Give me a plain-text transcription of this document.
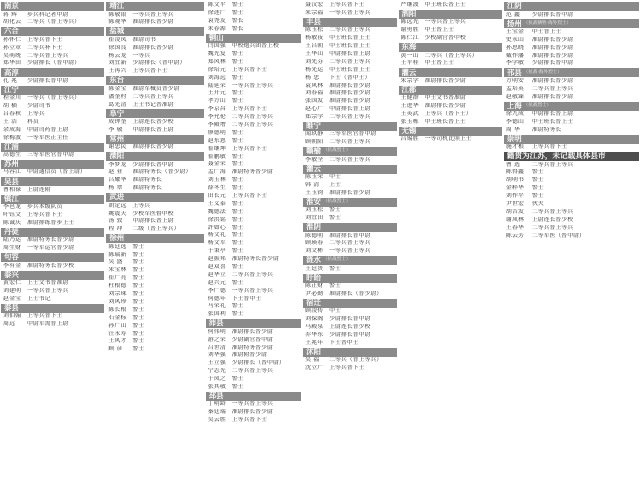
南京
蒋 辉	步兵科记者中尉
胡化云 二等兵（普上等兵）
六合
孙怀仁 上等兵普下士
孙立章 二等兵补下士
吴萌统 二等兵普上等兵
郑华田 少尉排长（普中尉）
高淳
孔 兆	少尉排长普中尉
江宁
程金川 一等兵（普上等兵）
胡 横	少尉司书
吕春秋 上等兵
王 洁	科员
余成海 中尉司药普上尉
徐梅波 一等军医正主任
江浦
高德生 三等军医官普中尉
苏州
马容江 中尉通信员（普上尉）
吴县
曹相禄 上尉连附
镇江
李邑龙 步兵本级队员
叶钰文 上等兵普下士
陈诚庆 准尉排练普步上士
丹徒
陆乃运 准尉特务长普少尉
周生财 一等军运官普少尉
句容
李有金 准尉特务长普少校
泰兴
黄宏仁 上士文书普准尉
刘建明 一等兵普上等兵
赵金宝 上士书记
泰县
刘伯翰 上等兵普下士
周远	中尉军需普上尉
靖江
陈敬银 一等兵普上等兵
陈观华 准尉排长普少尉
盐城
崔凌凤 准尉司书
徐国良 准尉排长普少尉
杨云龙 一等兵
刘宜新 少尉排长（普中尉）
王再兴 上等兵普下士
东台
陈金宝 准尉军械员普少尉
潘奎村 二等兵普上等兵
葛光清 上士书记普准尉
阜宁
成钟奎 上尉连长普少校
李 敬	中尉排长普上尉
常州
谢忠民 准尉排长普少尉
溧阳
李梦龙 少尉排长普中尉
赵 亚	准尉特务长（普少尉）
吕耀华 准尉特务长
杨 翠	准尉特务长
武进
胡定远 上等兵
姚震天 少校军医督中校
汤 敦	中尉排长普上尉
程 冲	二级（普上等兵）
徐州
陈廷选 警士
陈瑞新 警士
吴 盛	警士
朱宝林 警士
崔广亮 警士
杜根德 警士
刘宗珠 警士
刘风珍 警士
陈长根 警士
石金标 警士
孙广山 警士
汪永寿 警士
王风才 警士
顾 彦	警士
陈文平 警士
徐述广 警士
袁尧友 警长
朱春源 警长
铜山
闫国强 中校炮兵团普上校
魏光复 警士
郑风林 警士
徐培元 上等兵普下士
刘海远 警士
陆延荣 一等兵普上等兵
王开元 警士
孝方山 警士
李京昌 上等兵普下士
李允伦 二等兵普上等兵
李殿增 二等兵普上等兵
廖德明 警士
赵东恩 警士
崔继坤 上等兵普下士
崔鹏敏 警士
聂金荣 警士
孟广海 准尉特务普少尉
刘玉林 警士
薛冬生 警士
田长元 上等兵普下士
王义泰 警士
魏德法 警士
徐洪铭 警士
許如心 警士
杨文礼 警士
杨文军 警士
于秉亭 警士
赵振邦 准尉特务长普少尉
赵双喜 警士
赵华立 二等兵普上等兵
赵兴元 警士
李广德 一等兵普上等兵
何德年 下士普中士
马荣礼 警士
张国利 警士
沛县
何伟明 准尉排长普少尉
游之荣 少尉副官普中尉
吕世清 准尉特务普少尉
刘华强 准尉附普少尉
王立强 少尉排长（普中尉）
宁志光 二等兵普上等兵
于凤之 警士
张其敬 警士
邳县
丁明龄 一等兵普上等兵
秦廷瑞 准尉排长普少尉
吴云胜 上等兵普下士
聂汉宏 上等兵普下士
朱宗福 一等兵普上等兵
丰县
陈玉松 二等兵普上等兵
杨敏夜 中士班长普上士
王吕朝 中士班长普上士
王华山 中尉排长普上尉
刘先芬 二等兵普上等兵
杨光运 中士班长普上士
杨 忠	下士（普中士）
袁风林 准尉排长普少尉
刘春福 准尉排长普少尉
张国发 准尉排长普少尉
赵心广 中尉排长普上尉
郑宗学 二等兵普上等兵
睢宁
闻玖静 三等军医官普中尉
顾朝阳 二等兵普上等兵
赣榆 （抗战烈士）
李敏全 二等兵普上等兵
灌云
陈玉荣 中士
韩 清	上士
王玉钧 准尉排长普少尉
淮安 （抗战烈士）
刘玉松 警士
刘宜田 警士
淮阴
陈德明 准尉排长普中尉
顾瑛春 二等兵普上等兵
刘文彬 一等兵普上等兵
涟水 （抗战烈士）
王廷贵 警士
盱眙
陈正财 警士
尹必勤 准尉排长（普少尉）
宿迁
顾凌传 中士
刘保阁 少尉排长普中尉
马殿泉 上尉连长普少校
乔华东 少尉排长普中尉
王兆年 下士普中士
沭阳
吴 福	二等兵（普上等兵）
沈立广 上等兵普下士
严继波 中士班长普上士
泗阳
陈远光 一等兵普上等兵
谢勇胜 中士普上士
陈仁江 少校副官普中校
东海
黄一山 二等兵（普上等兵）
王平桂 中士普上士
灌云
朱宗学 准尉排长普少尉
江都
王健群 中士文书普准尉
王进华 准尉排长普少尉
王英武 上等兵（普下士）
张玉栋 中士班长普上士
无锡
吕锡胜 一等司机比照上士
江阴
范 鑫	少尉排长普中尉
扬州 （抗战牺牲·海外烈士）
王宝金	中士普上士
史永山	准尉排长普少尉
孙思晓	准尉排长普少尉
戴作藩	准尉排长普少尉
李学敏	少尉排长普中尉
邗县 （抗战·海外烈士）
方明安	准尉排长普少尉
孟培英	二等兵普上等兵
赵敬臻	准尉排长普少尉
上海 （抗战烈士）
徐九成	中尉排长普上尉
李德山	中士班长普上士
周 华	准尉特务长
崇明
施才根	上等兵普下士
籍贯为江苏，未记载具体县市
曹 选	二等兵普上等兵
陈得鑫	警士
胡明书	警士
金粹华	警士
刘作平	警士
尹世宏	伙夫
胡吉发	二等兵普上等兵
谢凤林	上尉连长普少校
王春华	二等兵普上等兵
陈云芳	二等军医（普中尉）
